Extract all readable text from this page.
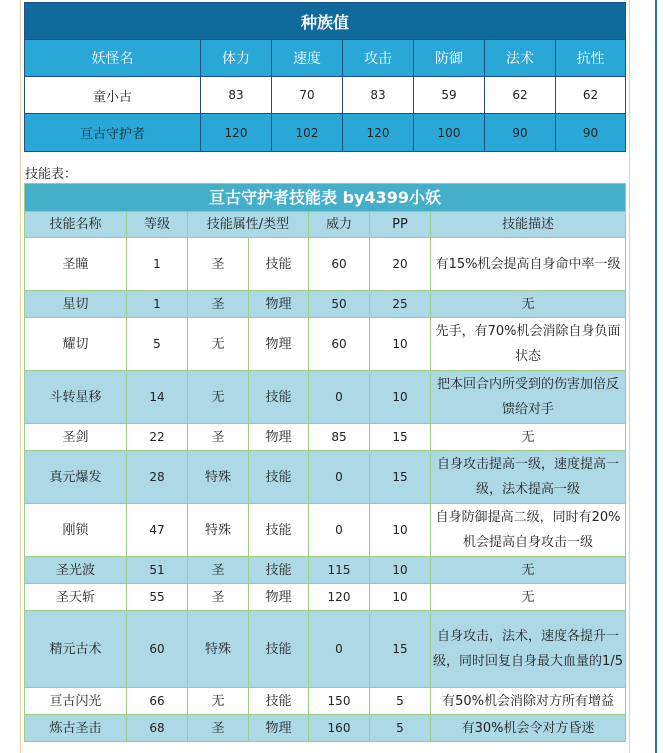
种族值						
妖怪名	体力	速度	攻击	防御	法术	抗性
童小古	83	70	83	59	62	62
亘古守护者	120	102	120	100	90	90
技能表：
亘古守护者技能表 by4399小妖						
技能名称	等级	技能属性/类型		威力	PP	技能描述
圣瞳	1	圣	技能	60	20	有15%机会提高自身命中率一级
星切	1	圣	物理	50	25	无
耀切	5	无	物理	60	10	先手，有70%机会消除自身负面状态
斗转星移	14	无	技能	0	10	把本回合内所受到的伤害加倍反馈给对手
圣剑	22	圣	物理	85	15	无
真元爆发	28	特殊	技能	0	15	自身攻击提高一级，速度提高一级，法术提高一级
刚锁	47	特殊	技能	0	10	自身防御提高二级，同时有20%机会提高自身攻击一级
圣光波	51	圣	技能	115	10	无
圣天斩	55	圣	物理	120	10	无
精元古术	60	特殊	技能	0	15	自身攻击，法术，速度各提升一级，同时回复自身最大血量的1/5
亘古闪光	66	无	技能	150	5	有50%机会消除对方所有增益
炼古圣击	68	圣	物理	160	5	有30%机会令对方昏迷
